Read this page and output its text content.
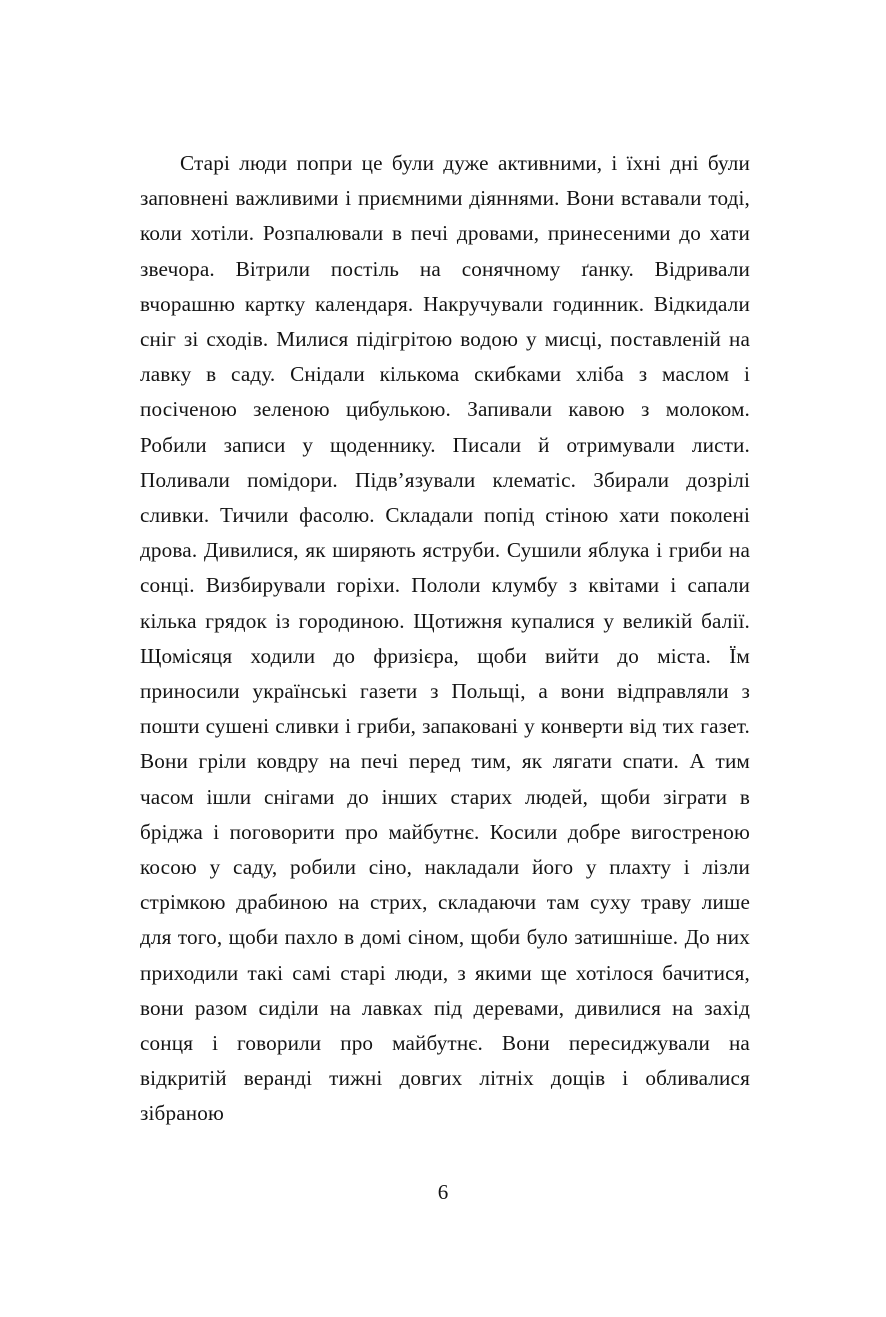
Старі люди попри це були дуже активними, і їхні дні були заповнені важливими і приємними діяннями. Вони вставали тоді, коли хотіли. Розпалювали в печі дровами, принесеними до хати звечора. Вітрили постіль на сонячному ґанку. Відривали вчорашню картку календаря. Накручували годинник. Відкидали сніг зі сходів. Милися підігрітою водою у мисці, поставленій на лавку в саду. Снідали кількома скибками хліба з маслом і посіченою зеленою цибулькою. Запивали кавою з молоком. Робили записи у щоденнику. Писали й отримували листи. Поливали помідори. Підв’язували клематіс. Збирали дозрілі сливки. Тичили фасолю. Складали попід стіною хати поколені дрова. Дивилися, як ширяють яструби. Сушили яблука і гриби на сонці. Визбирували горіхи. Пололи клумбу з квітами і сапали кілька грядок із городиною. Щотижня купалися у великій балії. Щомісяця ходили до фризієра, щоби вийти до міста. Їм приносили українські газети з Польщі, а вони відправляли з пошти сушені сливки і гриби, запаковані у конверти від тих газет. Вони гріли ковдру на печі перед тим, як лягати спати. А тим часом ішли снігами до інших старих людей, щоби зіграти в бріджа і поговорити про майбутнє. Косили добре вигостреною косою у саду, робили сіно, накладали його у плахту і лізли стрімкою драбиною на стрих, складаючи там суху траву лише для того, щоби пахло в домі сіном, щоби було затишніше. До них приходили такі самі старі люди, з якими ще хотілося бачитися, вони разом сиділи на лавках під деревами, дивилися на захід сонця і говорили про майбутнє. Вони пересиджували на відкритій веранді тижні довгих літніх дощів і обливалися зібраною

6
